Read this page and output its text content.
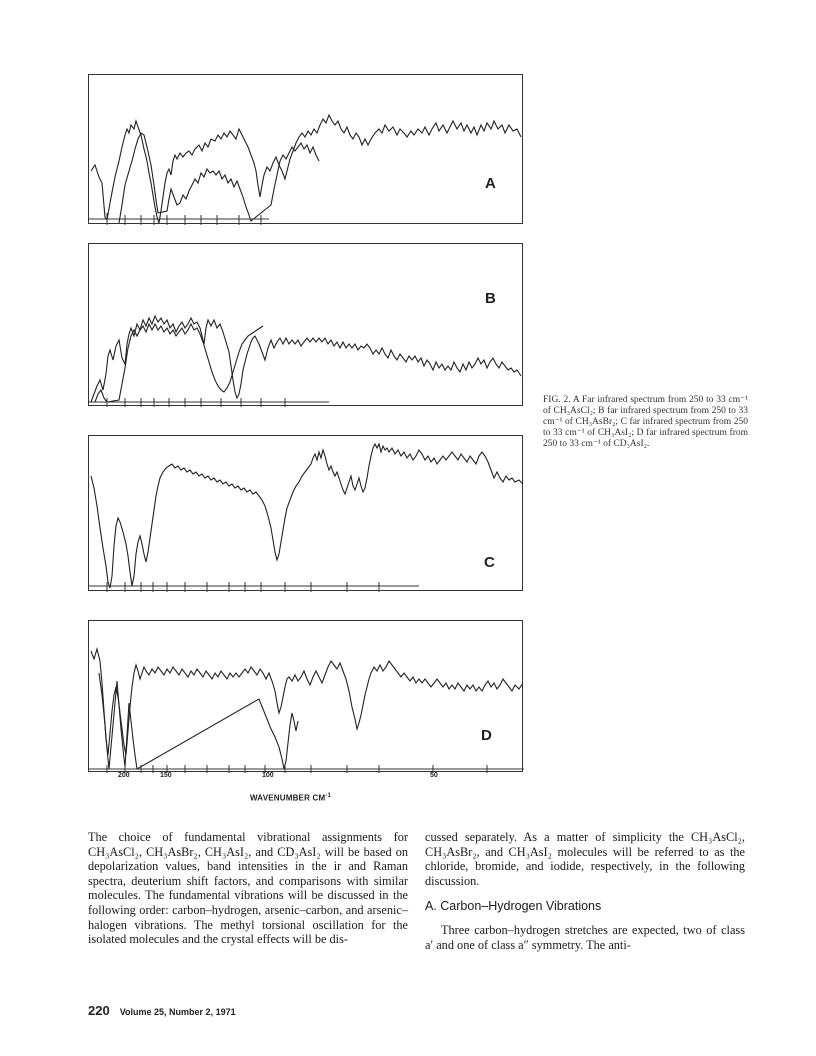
A
B
C
D
200	150	100	50
WAVENUMBER $CM^{-1}$
FIG. 2. A Far infrared spectrum from 250 to 33 cm⁻¹ of CH₃AsCl₂; B far infrared spectrum from 250 to 33 cm⁻¹ of CH₃AsBr₂; C far infrared spectrum from 250 to 33 cm⁻¹ of CH₃AsI₂; D far infrared spectrum from 250 to 33 cm⁻¹ of CD₃AsI₂.

The choice of fundamental vibrational assignments for CH₃AsCl₂, CH₃AsBr₂, CH₃AsI₂, and CD₃AsI₂ will be based on depolarization values, band intensities in the ir and Raman spectra, deuterium shift factors, and comparisons with similar molecules. The fundamental vibrations will be discussed in the following order: carbon–hydrogen, arsenic–carbon, and arsenic–halogen vibrations. The methyl torsional oscillation for the isolated molecules and the crystal effects will be dis-

cussed separately. As a matter of simplicity the CH₃AsCl₂, CH₃AsBr₂, and CH₃AsI₂ molecules will be referred to as the chloride, bromide, and iodide, respectively, in the following discussion.

A. Carbon–Hydrogen Vibrations

Three carbon–hydrogen stretches are expected, two of class a′ and one of class a″ symmetry. The anti-

220 Volume 25, Number 2, 1971
